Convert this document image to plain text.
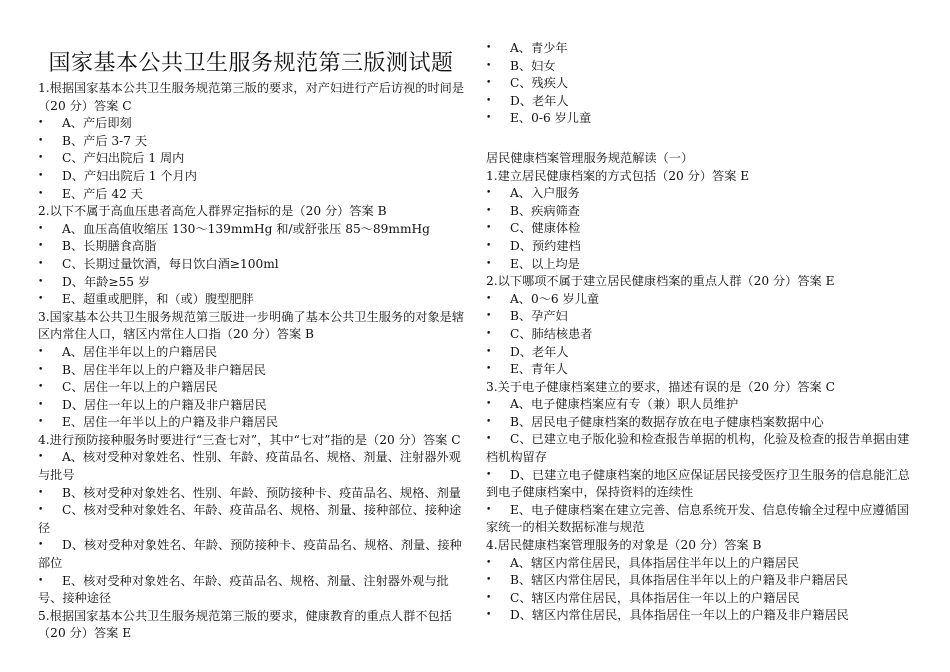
国家基本公共卫生服务规范第三版测试题

1.根据国家基本公共卫生服务规范第三版的要求，对产妇进行产后访视的时间是（20 分）答案 C

• A、产后即刻
• B、产后 3-7 天
• C、产妇出院后 1 周内
• D、产妇出院后 1 个月内
• E、产后 42 天

2.以下不属于高血压患者高危人群界定指标的是（20 分）答案 B

• A、血压高值收缩压 130～139mmHg 和/或舒张压 85～89mmHg
• B、长期膳食高脂
• C、长期过量饮酒，每日饮白酒≥100ml
• D、年龄≥55 岁
• E、超重或肥胖，和（或）腹型肥胖

3.国家基本公共卫生服务规范第三版进一步明确了基本公共卫生服务的对象是辖区内常住人口，辖区内常住人口指（20 分）答案 B

• A、居住半年以上的户籍居民
• B、居住半年以上的户籍及非户籍居民
• C、居住一年以上的户籍居民
• D、居住一年以上的户籍及非户籍居民
• E、居住一年半以上的户籍及非户籍居民

4.进行预防接种服务时要进行“三查七对”，其中“七对”指的是（20 分）答案 C

• A、核对受种对象姓名、性别、年龄、疫苗品名、规格、剂量、注射器外观与批号
• B、核对受种对象姓名、性别、年龄、预防接种卡、疫苗品名、规格、剂量
• C、核对受种对象姓名、年龄、疫苗品名、规格、剂量、接种部位、接种途径
• D、核对受种对象姓名、年龄、预防接种卡、疫苗品名、规格、剂量、接种部位
• E、核对受种对象姓名、年龄、疫苗品名、规格、剂量、注射器外观与批号、接种途径

5.根据国家基本公共卫生服务规范第三版的要求，健康教育的重点人群不包括（20 分）答案 E

• A、青少年
• B、妇女
• C、残疾人
• D、老年人
• E、0-6 岁儿童

居民健康档案管理服务规范解读（一）

1.建立居民健康档案的方式包括（20 分）答案 E

• A、入户服务
• B、疾病筛查
• C、健康体检
• D、预约建档
• E、以上均是

2.以下哪项不属于建立居民健康档案的重点人群（20 分）答案 E

• A、0～6 岁儿童
• B、孕产妇
• C、肺结核患者
• D、老年人
• E、青年人

3.关于电子健康档案建立的要求，描述有误的是（20 分）答案 C

• A、电子健康档案应有专（兼）职人员维护
• B、居民电子健康档案的数据存放在电子健康档案数据中心
• C、已建立电子版化验和检查报告单据的机构，化验及检查的报告单据由建档机构留存
• D、已建立电子健康档案的地区应保证居民接受医疗卫生服务的信息能汇总到电子健康档案中，保持资料的连续性
• E、电子健康档案在建立完善、信息系统开发、信息传输全过程中应遵循国家统一的相关数据标准与规范

4.居民健康档案管理服务的对象是（20 分）答案 B

• A、辖区内常住居民，具体指居住半年以上的户籍居民
• B、辖区内常住居民，具体指居住半年以上的户籍及非户籍居民
• C、辖区内常住居民，具体指居住一年以上的户籍居民
• D、辖区内常住居民，具体指居住一年以上的户籍及非户籍居民
